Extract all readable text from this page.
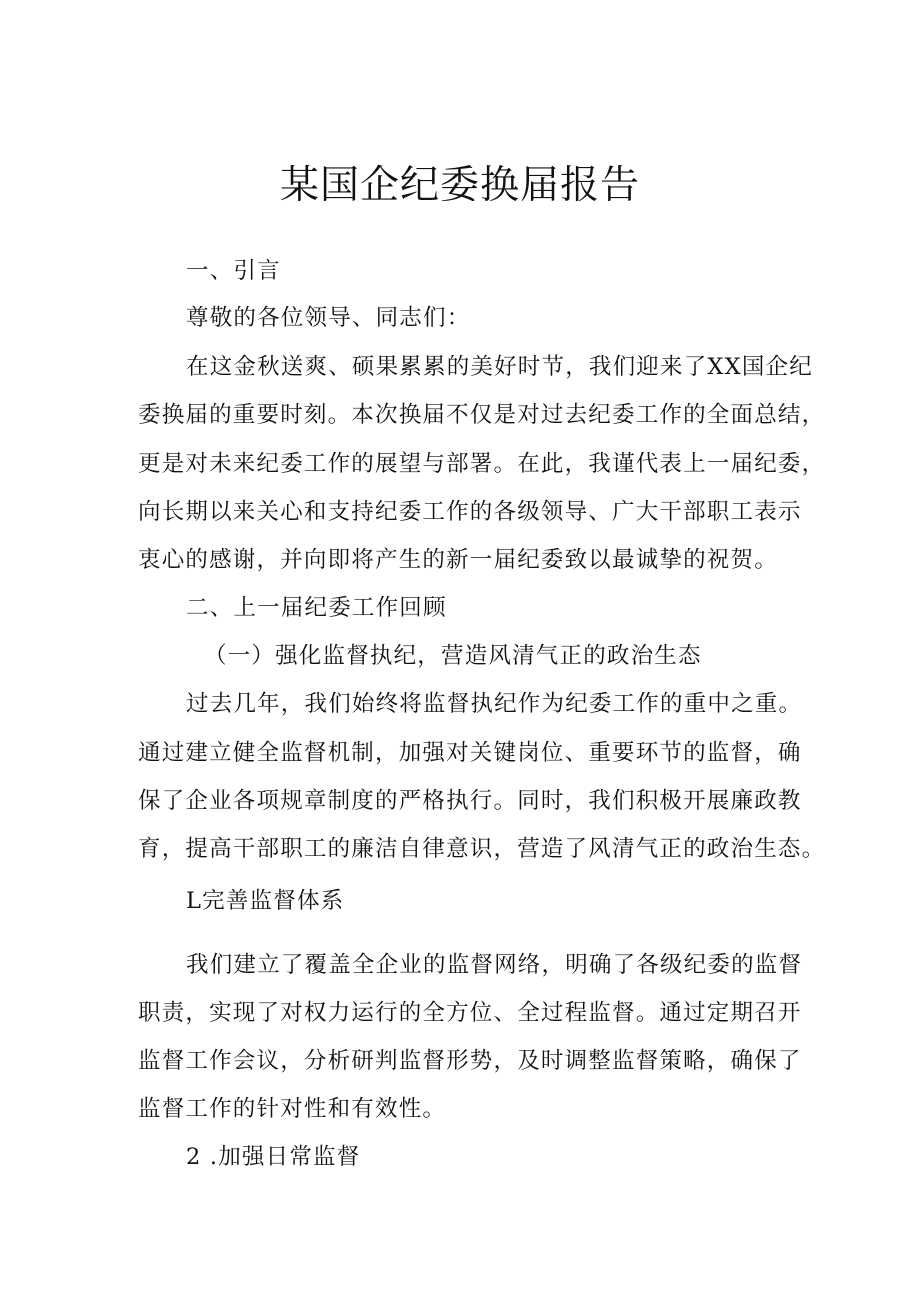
某国企纪委换届报告

一、引言

尊敬的各位领导、同志们：

在这金秋送爽、硕果累累的美好时节，我们迎来了XX国企纪

委换届的重要时刻。本次换届不仅是对过去纪委工作的全面总结，

更是对未来纪委工作的展望与部署。在此，我谨代表上一届纪委，

向长期以来关心和支持纪委工作的各级领导、广大干部职工表示

衷心的感谢，并向即将产生的新一届纪委致以最诚挚的祝贺。

二、上一届纪委工作回顾

（一）强化监督执纪，营造风清气正的政治生态

过去几年，我们始终将监督执纪作为纪委工作的重中之重。

通过建立健全监督机制，加强对关键岗位、重要环节的监督，确

保了企业各项规章制度的严格执行。同时，我们积极开展廉政教

育，提高干部职工的廉洁自律意识，营造了风清气正的政治生态。

L完善监督体系

我们建立了覆盖全企业的监督网络，明确了各级纪委的监督

职责，实现了对权力运行的全方位、全过程监督。通过定期召开

监督工作会议，分析研判监督形势，及时调整监督策略，确保了

监督工作的针对性和有效性。

2 .加强日常监督
